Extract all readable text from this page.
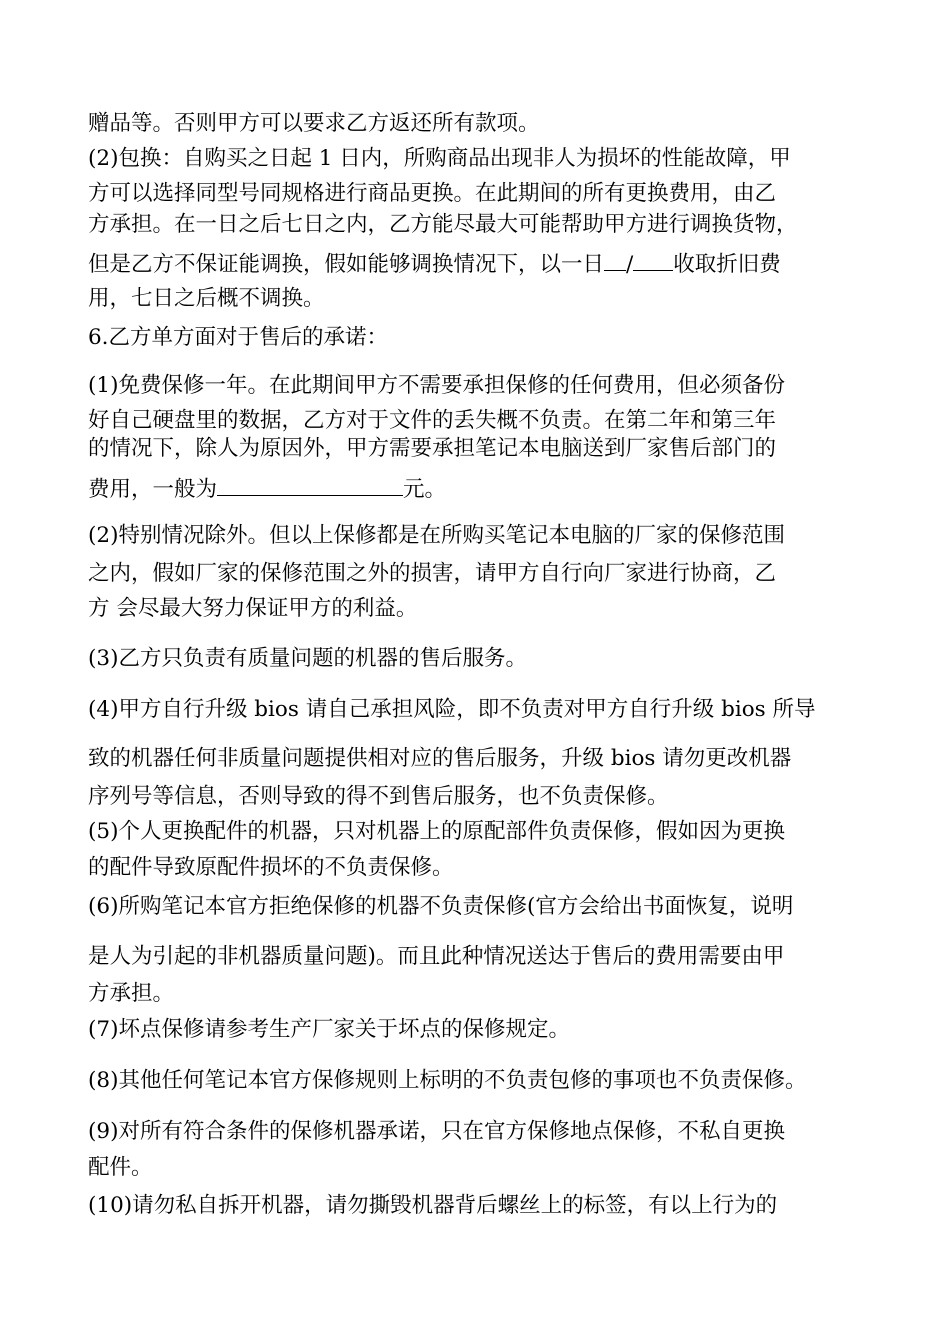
赠品等。否则甲方可以要求乙方返还所有款项。
(2)包换：自购买之日起 1 日内，所购商品出现非人为损坏的性能故障，甲
方可以选择同型号同规格进行商品更换。在此期间的所有更换费用，由乙
方承担。在一日之后七日之内，乙方能尽最大可能帮助甲方进行调换货物，
但是乙方不保证能调换，假如能够调换情况下，以一日 / 收取折旧费
用，七日之后概不调换。
6.乙方单方面对于售后的承诺：
(1)免费保修一年。在此期间甲方不需要承担保修的任何费用，但必须备份
好自己硬盘里的数据，乙方对于文件的丢失概不负责。在第二年和第三年
的情况下，除人为原因外，甲方需要承担笔记本电脑送到厂家售后部门的
费用，一般为	元。
(2)特别情况除外。但以上保修都是在所购买笔记本电脑的厂家的保修范围
之内，假如厂家的保修范围之外的损害，请甲方自行向厂家进行协商，乙
方 会尽最大努力保证甲方的利益。
(3)乙方只负责有质量问题的机器的售后服务。
(4)甲方自行升级 bios 请自己承担风险，即不负责对甲方自行升级 bios 所导
致的机器任何非质量问题提供相对应的售后服务，升级 bios 请勿更改机器
序列号等信息，否则导致的得不到售后服务，也不负责保修。
(5)个人更换配件的机器，只对机器上的原配部件负责保修，假如因为更换
的配件导致原配件损坏的不负责保修。
(6)所购笔记本官方拒绝保修的机器不负责保修(官方会给出书面恢复，说明
是人为引起的非机器质量问题)。而且此种情况送达于售后的费用需要由甲
方承担。
(7)坏点保修请参考生产厂家关于坏点的保修规定。
(8)其他任何笔记本官方保修规则上标明的不负责包修的事项也不负责保修。
(9)对所有符合条件的保修机器承诺，只在官方保修地点保修，不私自更换
配件。
(10)请勿私自拆开机器，请勿撕毁机器背后螺丝上的标签，有以上行为的
